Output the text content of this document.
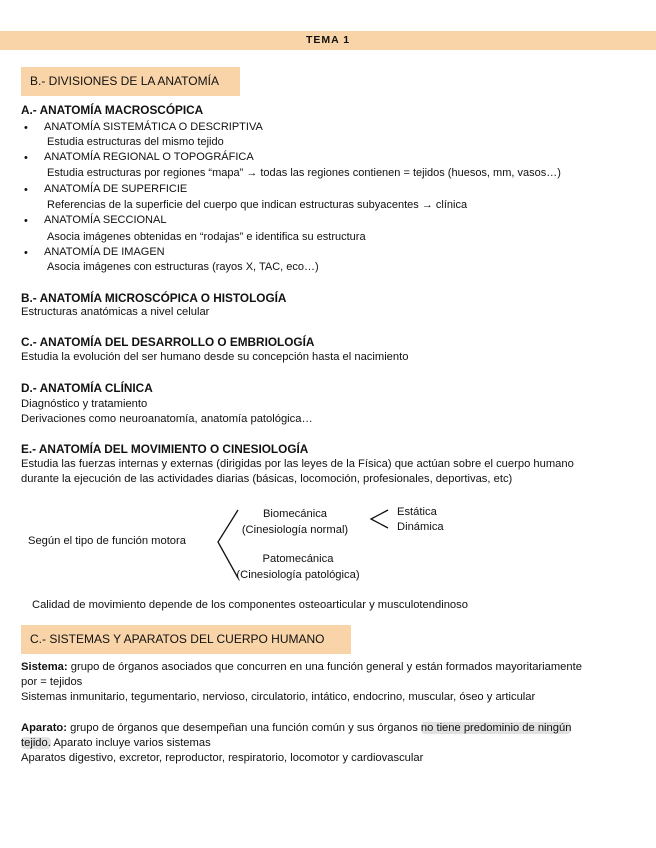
TEMA 1
B.- DIVISIONES DE LA ANATOMÍA
A.- ANATOMÍA MACROSCÓPICA
• ANATOMÍA SISTEMÁTICA O DESCRIPTIVA
Estudia estructuras del mismo tejido
• ANATOMÍA REGIONAL O TOPOGRÁFICA
Estudia estructuras por regiones “mapa” → todas las regiones contienen = tejidos (huesos, mm, vasos…)
• ANATOMÍA DE SUPERFICIE
Referencias de la superficie del cuerpo que indican estructuras subyacentes → clínica
• ANATOMÍA SECCIONAL
Asocia imágenes obtenidas en “rodajas” e identifica su estructura
• ANATOMÍA DE IMAGEN
Asocia imágenes con estructuras (rayos X, TAC, eco…)
B.- ANATOMÍA MICROSCÓPICA O HISTOLOGÍA
Estructuras anatómicas a nivel celular
C.- ANATOMÍA DEL DESARROLLO O EMBRIOLOGÍA
Estudia la evolución del ser humano desde su concepción hasta el nacimiento
D.- ANATOMÍA CLÍNICA
Diagnóstico y tratamiento
Derivaciones como neuroanatomía, anatomía patológica…
E.- ANATOMÍA DEL MOVIMIENTO O CINESIOLOGÍA
Estudia las fuerzas internas y externas (dirigidas por las leyes de la Física) que actúan sobre el cuerpo humano
durante la ejecución de las actividades diarias (básicas, locomoción, profesionales, deportivas, etc)
Según el tipo de función motora
Biomecánica
(Cinesiología normal)
Estática
Dinámica
Patomecánica
(Cinesiología patológica)
Calidad de movimiento depende de los componentes osteoarticular y musculotendinoso
C.- SISTEMAS Y APARATOS DEL CUERPO HUMANO
Sistema: grupo de órganos asociados que concurren en una función general y están formados mayoritariamente
por = tejidos
Sistemas inmunitario, tegumentario, nervioso, circulatorio, intático, endocrino, muscular, óseo y articular
Aparato: grupo de órganos que desempeñan una función común y sus órganos no tiene predominio de ningún
tejido. Aparato incluye varios sistemas
Aparatos digestivo, excretor, reproductor, respiratorio, locomotor y cardiovascular
